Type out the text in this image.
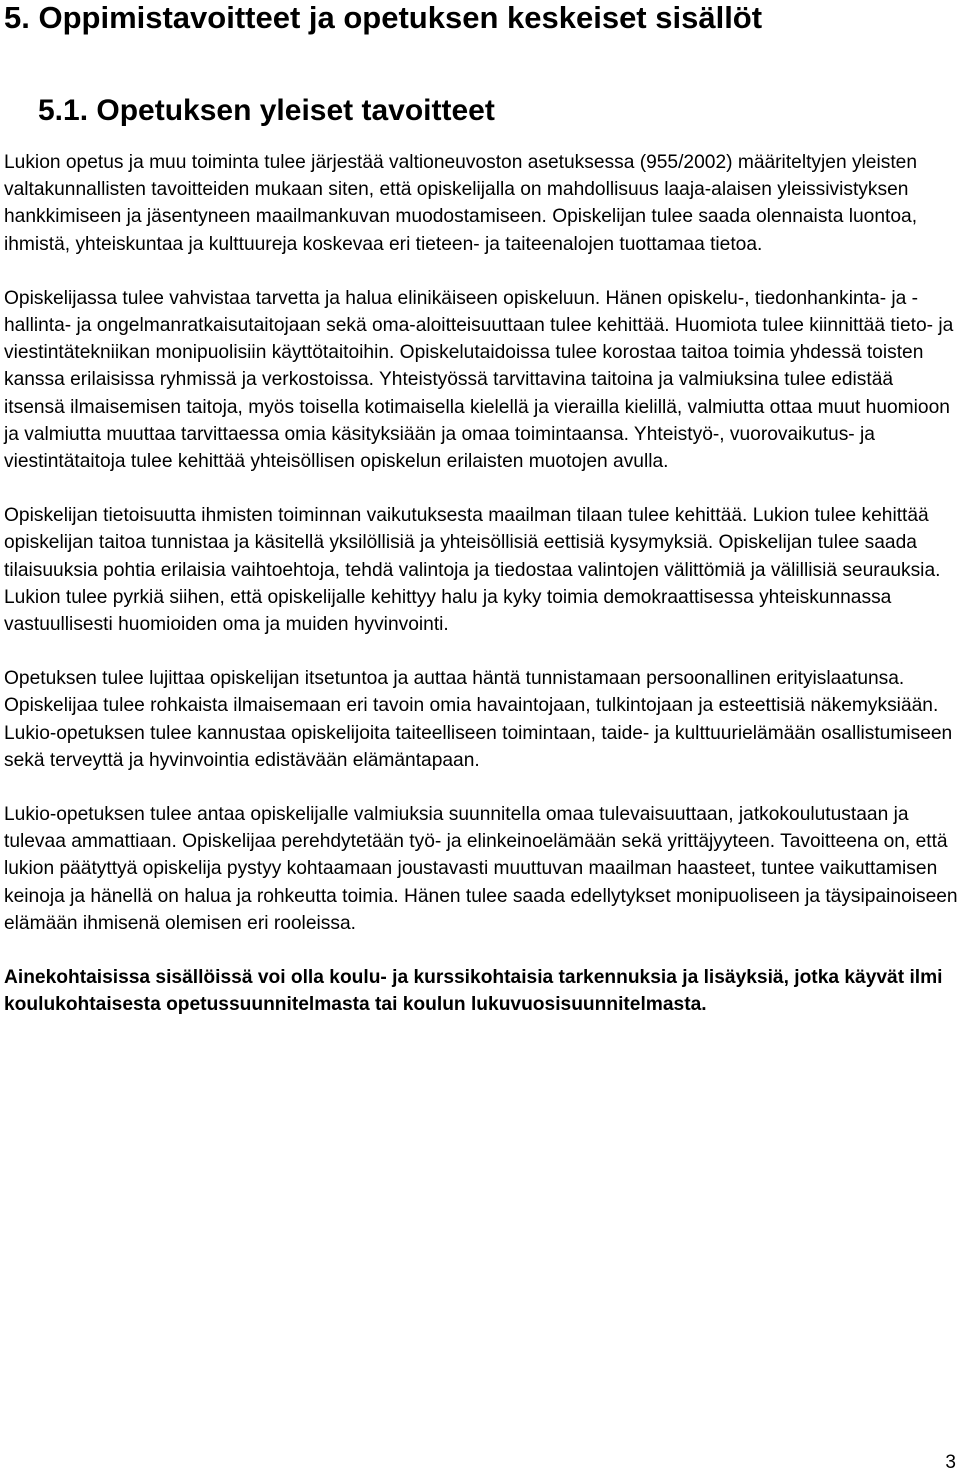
5. Oppimistavoitteet ja opetuksen keskeiset sisällöt
5.1. Opetuksen yleiset tavoitteet

Lukion opetus ja muu toiminta tulee järjestää valtioneuvoston asetuksessa (955/2002) määriteltyjen yleisten valtakunnallisten tavoitteiden mukaan siten, että opiskelijalla on mahdollisuus laaja-alaisen yleissivistyksen hankkimiseen ja jäsentyneen maailmankuvan muodostamiseen. Opiskelijan tulee saada olennaista luontoa, ihmistä, yhteiskuntaa ja kulttuureja koskevaa eri tieteen- ja taiteenalojen tuottamaa tietoa.

Opiskelijassa tulee vahvistaa tarvetta ja halua elinikäiseen opiskeluun. Hänen opiskelu-, tiedonhankinta- ja -hallinta- ja ongelmanratkaisutaitojaan sekä oma-aloitteisuuttaan tulee kehittää. Huomiota tulee kiinnittää tieto- ja viestintätekniikan monipuolisiin käyttötaitoihin. Opiskelutaidoissa tulee korostaa taitoa toimia yhdessä toisten kanssa erilaisissa ryhmissä ja verkostoissa. Yhteistyössä tarvittavina taitoina ja valmiuksina tulee edistää itsensä ilmaisemisen taitoja, myös toisella kotimaisella kielellä ja vierailla kielillä, valmiutta ottaa muut huomioon ja valmiutta muuttaa tarvittaessa omia käsityksiään ja omaa toimintaansa. Yhteistyö-, vuorovaikutus- ja viestintätaitoja tulee kehittää yhteisöllisen opiskelun erilaisten muotojen avulla.

Opiskelijan tietoisuutta ihmisten toiminnan vaikutuksesta maailman tilaan tulee kehittää. Lukion tulee kehittää opiskelijan taitoa tunnistaa ja käsitellä yksilöllisiä ja yhteisöllisiä eettisiä kysymyksiä. Opiskelijan tulee saada tilaisuuksia pohtia erilaisia vaihtoehtoja, tehdä valintoja ja tiedostaa valintojen välittömiä ja välillisiä seurauksia. Lukion tulee pyrkiä siihen, että opiskelijalle kehittyy halu ja kyky toimia demokraattisessa yhteiskunnassa vastuullisesti huomioiden oma ja muiden hyvinvointi.

Opetuksen tulee lujittaa opiskelijan itsetuntoa ja auttaa häntä tunnistamaan persoonallinen erityislaatunsa. Opiskelijaa tulee rohkaista ilmaisemaan eri tavoin omia havaintojaan, tulkintojaan ja esteettisiä näkemyksiään. Lukio-opetuksen tulee kannustaa opiskelijoita taiteelliseen toimintaan, taide- ja kulttuurielämään osallistumiseen sekä terveyttä ja hyvinvointia edistävään elämäntapaan.

Lukio-opetuksen tulee antaa opiskelijalle valmiuksia suunnitella omaa tulevaisuuttaan, jatkokoulutustaan ja tulevaa ammattiaan. Opiskelijaa perehdytetään työ- ja elinkeinoelämään sekä yrittäjyyteen. Tavoitteena on, että lukion päätyttyä opiskelija pystyy kohtaamaan joustavasti muuttuvan maailman haasteet, tuntee vaikuttamisen keinoja ja hänellä on halua ja rohkeutta toimia. Hänen tulee saada edellytykset monipuoliseen ja täysipainoiseen elämään ihmisenä olemisen eri rooleissa.

Ainekohtaisissa sisällöissä voi olla koulu- ja kurssikohtaisia tarkennuksia ja lisäyksiä, jotka käyvät ilmi koulukohtaisesta opetussuunnitelmasta tai koulun lukuvuosisuunnitelmasta.

3
